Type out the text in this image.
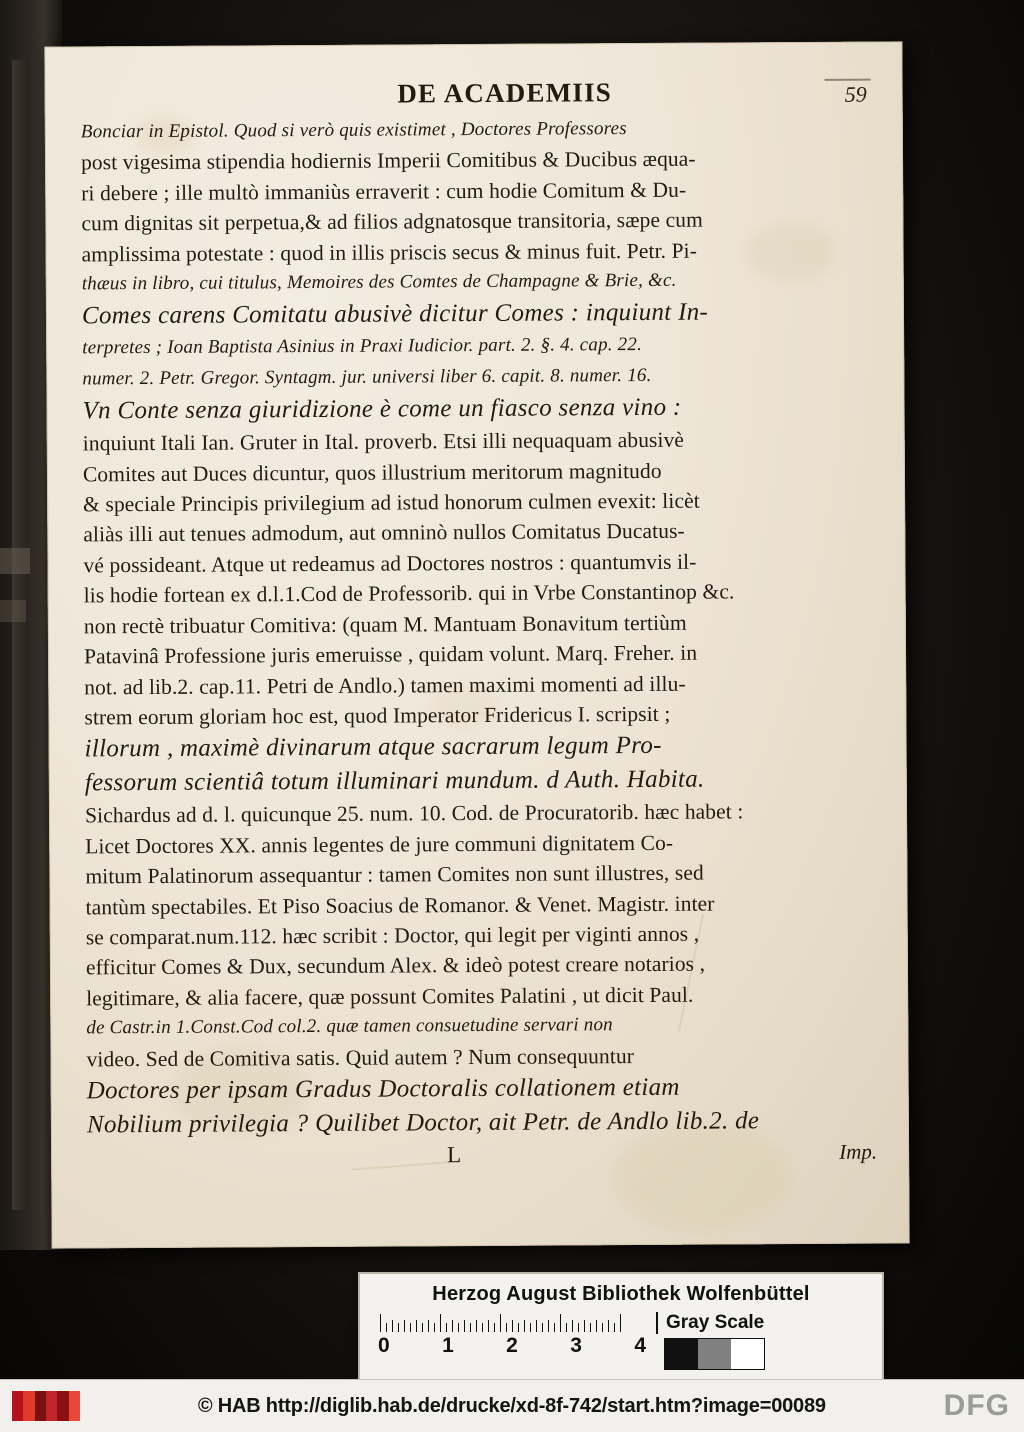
59
DE ACADEMIIS
Bonciar in Epistol. Quod si verò quis existimet , Doctores Professores
post vigesima stipendia hodiernis Imperii Comitibus & Ducibus æqua-
ri debere ; ille multò immaniùs erraverit : cum hodie Comitum & Du-
cum dignitas sit perpetua,& ad filios adgnatosque transitoria, sæpe cum
amplissima potestate : quod in illis priscis secus & minus fuit. Petr. Pi-
thæus in libro, cui titulus, Memoires des Comtes de Champagne & Brie, &c.
Comes carens Comitatu abusivè dicitur Comes : inquiunt In-
terpretes ; Ioan Baptista Asinius in Praxi Iudicior. part. 2. §. 4. cap. 22.
numer. 2. Petr. Gregor. Syntagm. jur. universi liber 6. capit. 8. numer. 16.
Vn Conte senza giuridizione è come un fiasco senza vino :
inquiunt Itali Ian. Gruter in Ital. proverb. Etsi illi nequaquam abusivè
Comites aut Duces dicuntur, quos illustrium meritorum magnitudo
& speciale Principis privilegium ad istud honorum culmen evexit: licèt
aliàs illi aut tenues admodum, aut omninò nullos Comitatus Ducatus-
vé possideant. Atque ut redeamus ad Doctores nostros : quantumvis il-
lis hodie fortean ex d.l.1.Cod de Professorib. qui in Vrbe Constantinop &c.
non rectè tribuatur Comitiva: (quam M. Mantuam Bonavitum tertiùm
Patavinâ Professione juris emeruisse , quidam volunt. Marq. Freher. in
not. ad lib.2. cap.11. Petri de Andlo.) tamen maximi momenti ad illu-
strem eorum gloriam hoc est, quod Imperator Fridericus I. scripsit ;
illorum , maximè divinarum atque sacrarum legum Pro-
fessorum scientiâ totum illuminari mundum. d Auth. Habita.
Sichardus ad d. l. quicunque 25. num. 10. Cod. de Procuratorib. hæc habet :
Licet Doctores XX. annis legentes de jure communi dignitatem Co-
mitum Palatinorum assequantur : tamen Comites non sunt illustres, sed
tantùm spectabiles. Et Piso Soacius de Romanor. & Venet. Magistr. inter
se comparat.num.112. hæc scribit : Doctor, qui legit per viginti annos ,
efficitur Comes & Dux, secundum Alex. & ideò potest creare notarios ,
legitimare, & alia facere, quæ possunt Comites Palatini , ut dicit Paul.
de Castr.in 1.Const.Cod col.2. quæ tamen consuetudine servari non
video. Sed de Comitiva satis. Quid autem ? Num consequuntur
Doctores per ipsam Gradus Doctoralis collationem etiam
Nobilium privilegia ? Quilibet Doctor, ait Petr. de Andlo lib.2. de
L	Imp.
Herzog August Bibliothek Wolfenbüttel
0 1 2 3 4
Gray Scale
© HAB http://diglib.hab.de/drucke/xd-8f-742/start.htm?image=00089	DFG
